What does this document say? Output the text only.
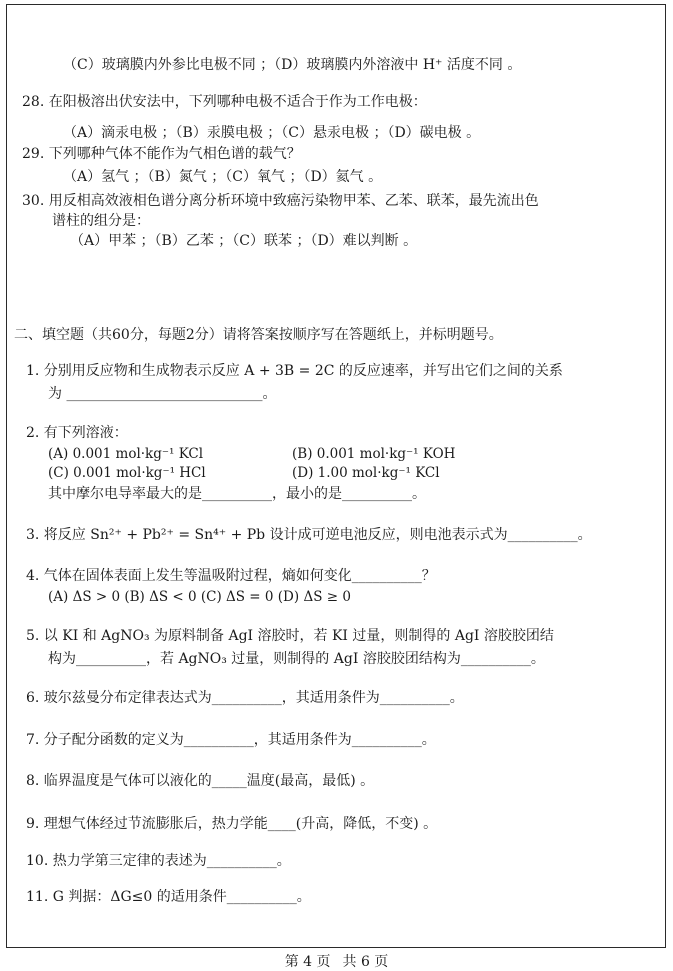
（C）玻璃膜内外参比电极不同 ；（D）玻璃膜内外溶液中 H⁺ 活度不同 。
28. 在阳极溶出伏安法中，下列哪种电极不适合于作为工作电极：
（A）滴汞电极 ；（B）汞膜电极 ；（C）悬汞电极 ；（D）碳电极 。
29. 下列哪种气体不能作为气相色谱的载气？
（A）氢气 ；（B）氮气 ；（C）氧气 ；（D）氦气 。
30. 用反相高效液相色谱分离分析环境中致癌污染物甲苯、乙苯、联苯，最先流出色
谱柱的组分是：
（A）甲苯 ；（B）乙苯 ；（C）联苯 ；（D）难以判断 。
二、填空题（共60分，每题2分）请将答案按顺序写在答题纸上，并标明题号。
1. 分别用反应物和生成物表示反应 A + 3B = 2C 的反应速率，并写出它们之间的关系
为 ____________________________。
2. 有下列溶液：
(A) 0.001 mol·kg⁻¹ KCl	(B) 0.001 mol·kg⁻¹ KOH
(C) 0.001 mol·kg⁻¹ HCl	(D) 1.00 mol·kg⁻¹ KCl
其中摩尔电导率最大的是__________，最小的是__________。
3. 将反应 Sn²⁺ + Pb²⁺ = Sn⁴⁺ + Pb 设计成可逆电池反应，则电池表示式为__________。
4. 气体在固体表面上发生等温吸附过程，熵如何变化__________？
(A) ΔS > 0 (B) ΔS < 0 (C) ΔS = 0 (D) ΔS ≥ 0
5. 以 KI 和 AgNO₃ 为原料制备 AgI 溶胶时，若 KI 过量，则制得的 AgI 溶胶胶团结
构为__________，若 AgNO₃ 过量，则制得的 AgI 溶胶胶团结构为__________。
6. 玻尔兹曼分布定律表达式为__________，其适用条件为__________。
7. 分子配分函数的定义为__________，其适用条件为__________。
8. 临界温度是气体可以液化的_____温度(最高，最低) 。
9. 理想气体经过节流膨胀后，热力学能____(升高，降低，不变) 。
10. 热力学第三定律的表述为__________。
11. G 判据：ΔG≤0 的适用条件__________。
第 4 页 共 6 页
